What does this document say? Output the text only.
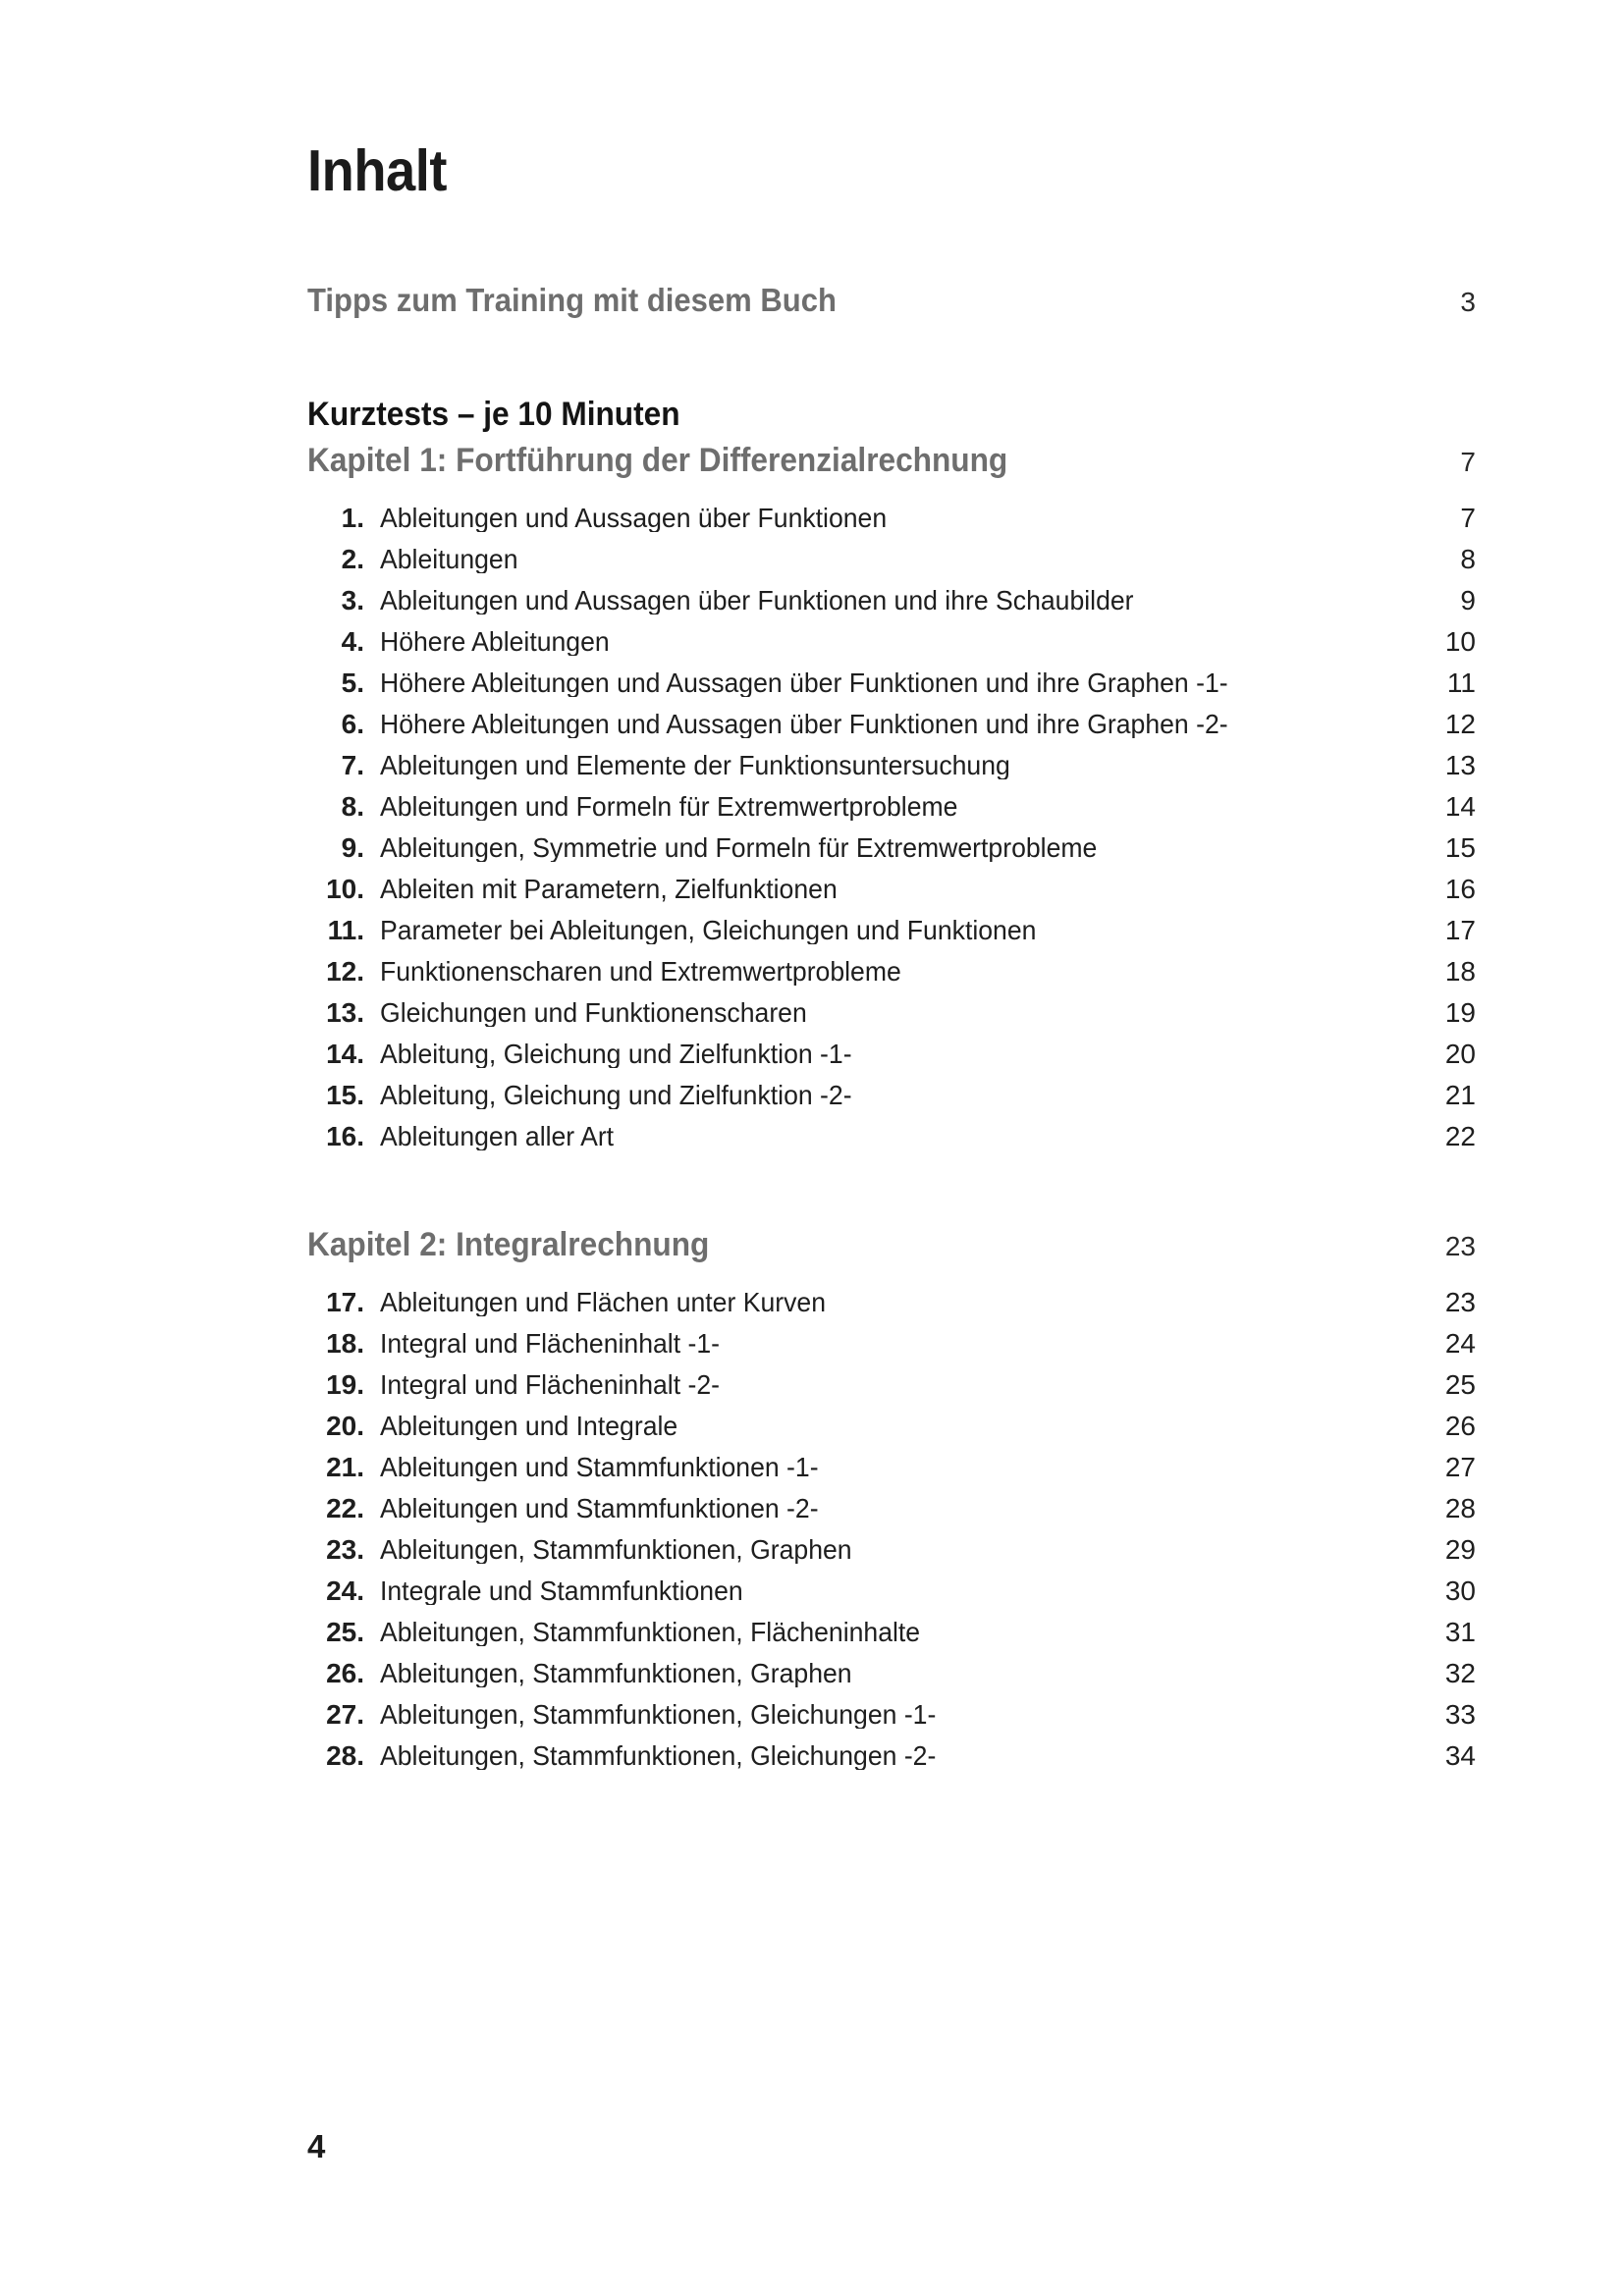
Inhalt
Tipps zum Training mit diesem Buch	3
Kurztests – je 10 Minuten
Kapitel 1: Fortführung der Differenzialrechnung	7
1. Ableitungen und Aussagen über Funktionen	7
2. Ableitungen	8
3. Ableitungen und Aussagen über Funktionen und ihre Schaubilder	9
4. Höhere Ableitungen	10
5. Höhere Ableitungen und Aussagen über Funktionen und ihre Graphen -1-	11
6. Höhere Ableitungen und Aussagen über Funktionen und ihre Graphen -2-	12
7. Ableitungen und Elemente der Funktionsuntersuchung	13
8. Ableitungen und Formeln für Extremwertprobleme	14
9. Ableitungen, Symmetrie und Formeln für Extremwertprobleme	15
10. Ableiten mit Parametern, Zielfunktionen	16
11. Parameter bei Ableitungen, Gleichungen und Funktionen	17
12. Funktionenscharen und Extremwertprobleme	18
13. Gleichungen und Funktionenscharen	19
14. Ableitung, Gleichung und Zielfunktion -1-	20
15. Ableitung, Gleichung und Zielfunktion -2-	21
16. Ableitungen aller Art	22
Kapitel 2: Integralrechnung	23
17. Ableitungen und Flächen unter Kurven	23
18. Integral und Flächeninhalt -1-	24
19. Integral und Flächeninhalt -2-	25
20. Ableitungen und Integrale	26
21. Ableitungen und Stammfunktionen -1-	27
22. Ableitungen und Stammfunktionen -2-	28
23. Ableitungen, Stammfunktionen, Graphen	29
24. Integrale und Stammfunktionen	30
25. Ableitungen, Stammfunktionen, Flächeninhalte	31
26. Ableitungen, Stammfunktionen, Graphen	32
27. Ableitungen, Stammfunktionen, Gleichungen -1-	33
28. Ableitungen, Stammfunktionen, Gleichungen -2-	34
4
